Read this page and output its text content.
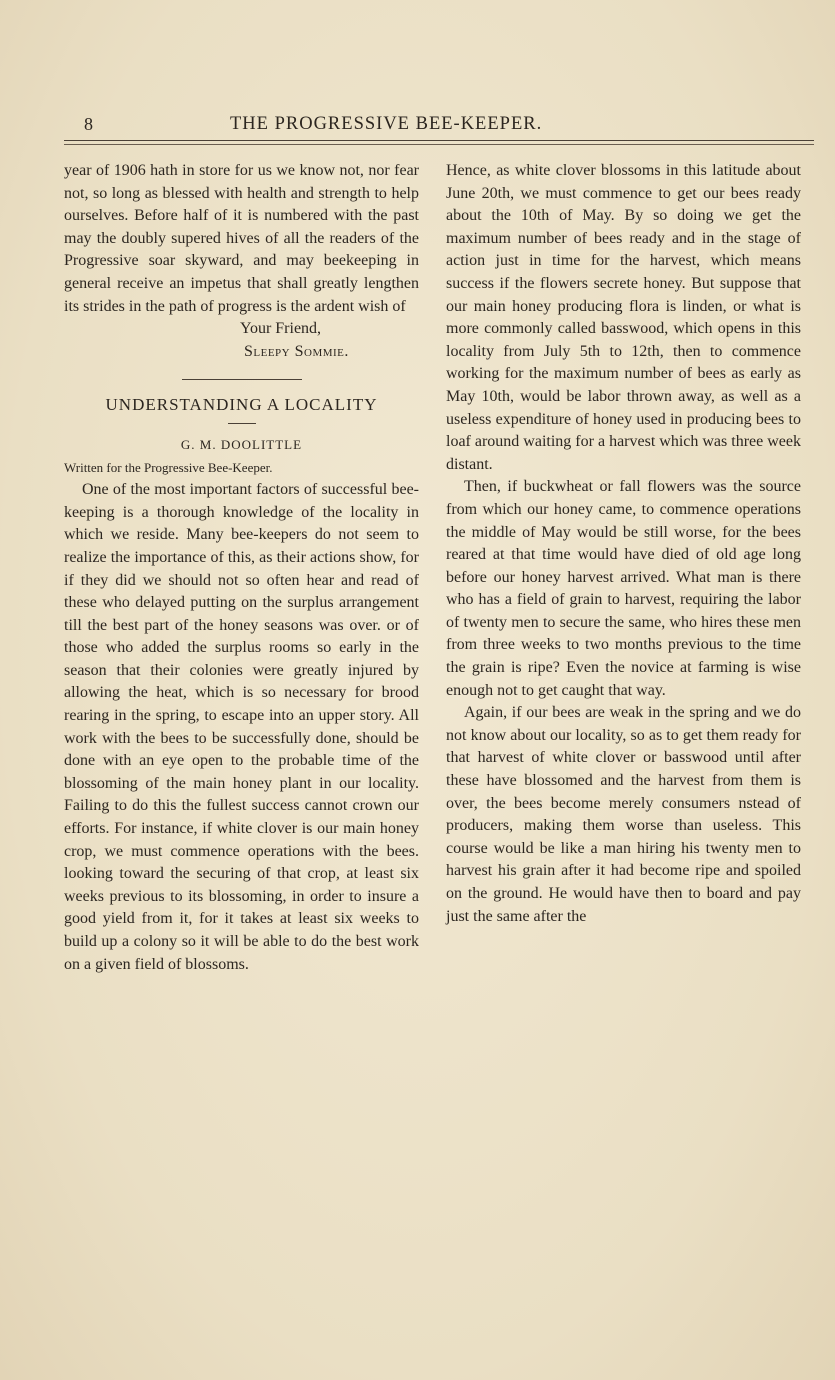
8	THE PROGRESSIVE BEE-KEEPER.

year of 1906 hath in store for us we know not, nor fear not, so long as blessed with health and strength to help ourselves. Before half of it is numbered with the past may the doubly supered hives of all the readers of the Progressive soar skyward, and may beekeeping in general receive an impetus that shall greatly lengthen its strides in the path of progress is the ardent wish of

Your Friend,

Sleepy Sommie.

UNDERSTANDING A LOCALITY

G. M. DOOLITTLE

Written for the Progressive Bee-Keeper.

One of the most important factors of successful bee-keeping is a thorough knowledge of the locality in which we reside. Many bee-keepers do not seem to realize the importance of this, as their actions show, for if they did we should not so often hear and read of these who delayed putting on the surplus arrangement till the best part of the honey seasons was over. or of those who added the surplus rooms so early in the season that their colonies were greatly injured by allowing the heat, which is so necessary for brood rearing in the spring, to escape into an upper story. All work with the bees to be successfully done, should be done with an eye open to the probable time of the blossoming of the main honey plant in our locality. Failing to do this the fullest success cannot crown our efforts. For instance, if white clover is our main honey crop, we must commence operations with the bees. looking toward the securing of that crop, at least six weeks previous to its blossoming, in order to insure a good yield from it, for it takes at least six weeks to build up a colony so it will be able to do the best work on a given field of blossoms.

Hence, as white clover blossoms in this latitude about June 20th, we must commence to get our bees ready about the 10th of May. By so doing we get the maximum number of bees ready and in the stage of action just in time for the harvest, which means success if the flowers secrete honey. But suppose that our main honey producing flora is linden, or what is more commonly called basswood, which opens in this locality from July 5th to 12th, then to commence working for the maximum number of bees as early as May 10th, would be labor thrown away, as well as a useless expenditure of honey used in producing bees to loaf around waiting for a harvest which was three week distant.

Then, if buckwheat or fall flowers was the source from which our honey came, to commence operations the middle of May would be still worse, for the bees reared at that time would have died of old age long before our honey harvest arrived. What man is there who has a field of grain to harvest, requiring the labor of twenty men to secure the same, who hires these men from three weeks to two months previous to the time the grain is ripe? Even the novice at farming is wise enough not to get caught that way.

Again, if our bees are weak in the spring and we do not know about our locality, so as to get them ready for that harvest of white clover or basswood until after these have blossomed and the harvest from them is over, the bees become merely consumers nstead of producers, making them worse than useless. This course would be like a man hiring his twenty men to harvest his grain after it had become ripe and spoiled on the ground. He would have then to board and pay just the same after the
